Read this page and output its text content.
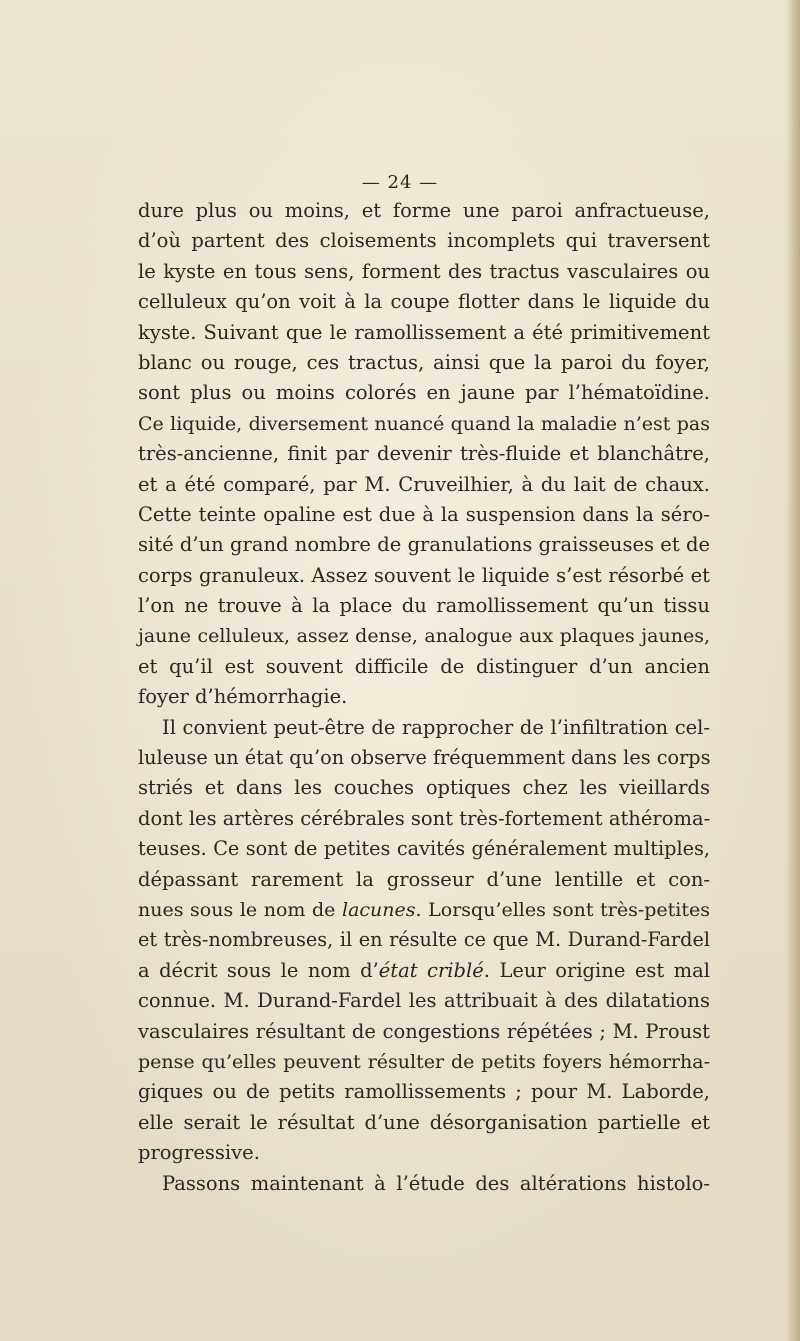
— 24 —
dure plus ou moins, et forme une paroi anfractueuse,
d’où partent des cloisements incomplets qui traversent
le kyste en tous sens, forment des tractus vasculaires ou
celluleux qu’on voit à la coupe flotter dans le liquide du
kyste. Suivant que le ramollissement a été primitivement
blanc ou rouge, ces tractus, ainsi que la paroi du foyer,
sont plus ou moins colorés en jaune par l’hématoïdine.
Ce liquide, diversement nuancé quand la maladie n’est pas
très-ancienne, finit par devenir très-fluide et blanchâtre,
et a été comparé, par M. Cruveilhier, à du lait de chaux.
Cette teinte opaline est due à la suspension dans la séro-
sité d’un grand nombre de granulations graisseuses et de
corps granuleux. Assez souvent le liquide s’est résorbé et
l’on ne trouve à la place du ramollissement qu’un tissu
jaune celluleux, assez dense, analogue aux plaques jaunes,
et qu’il est souvent difficile de distinguer d’un ancien
foyer d’hémorrhagie.
Il convient peut-être de rapprocher de l’infiltration cel-
luleuse un état qu’on observe fréquemment dans les corps
striés et dans les couches optiques chez les vieillards
dont les artères cérébrales sont très-fortement athéroma-
teuses. Ce sont de petites cavités généralement multiples,
dépassant rarement la grosseur d’une lentille et con-
nues sous le nom de lacunes. Lorsqu’elles sont très-petites
et très-nombreuses, il en résulte ce que M. Durand-Fardel
a décrit sous le nom d’état criblé. Leur origine est mal
connue. M. Durand-Fardel les attribuait à des dilatations
vasculaires résultant de congestions répétées ; M. Proust
pense qu’elles peuvent résulter de petits foyers hémorrha-
giques ou de petits ramollissements ; pour M. Laborde,
elle serait le résultat d’une désorganisation partielle et
progressive.
Passons maintenant à l’étude des altérations histolo-
